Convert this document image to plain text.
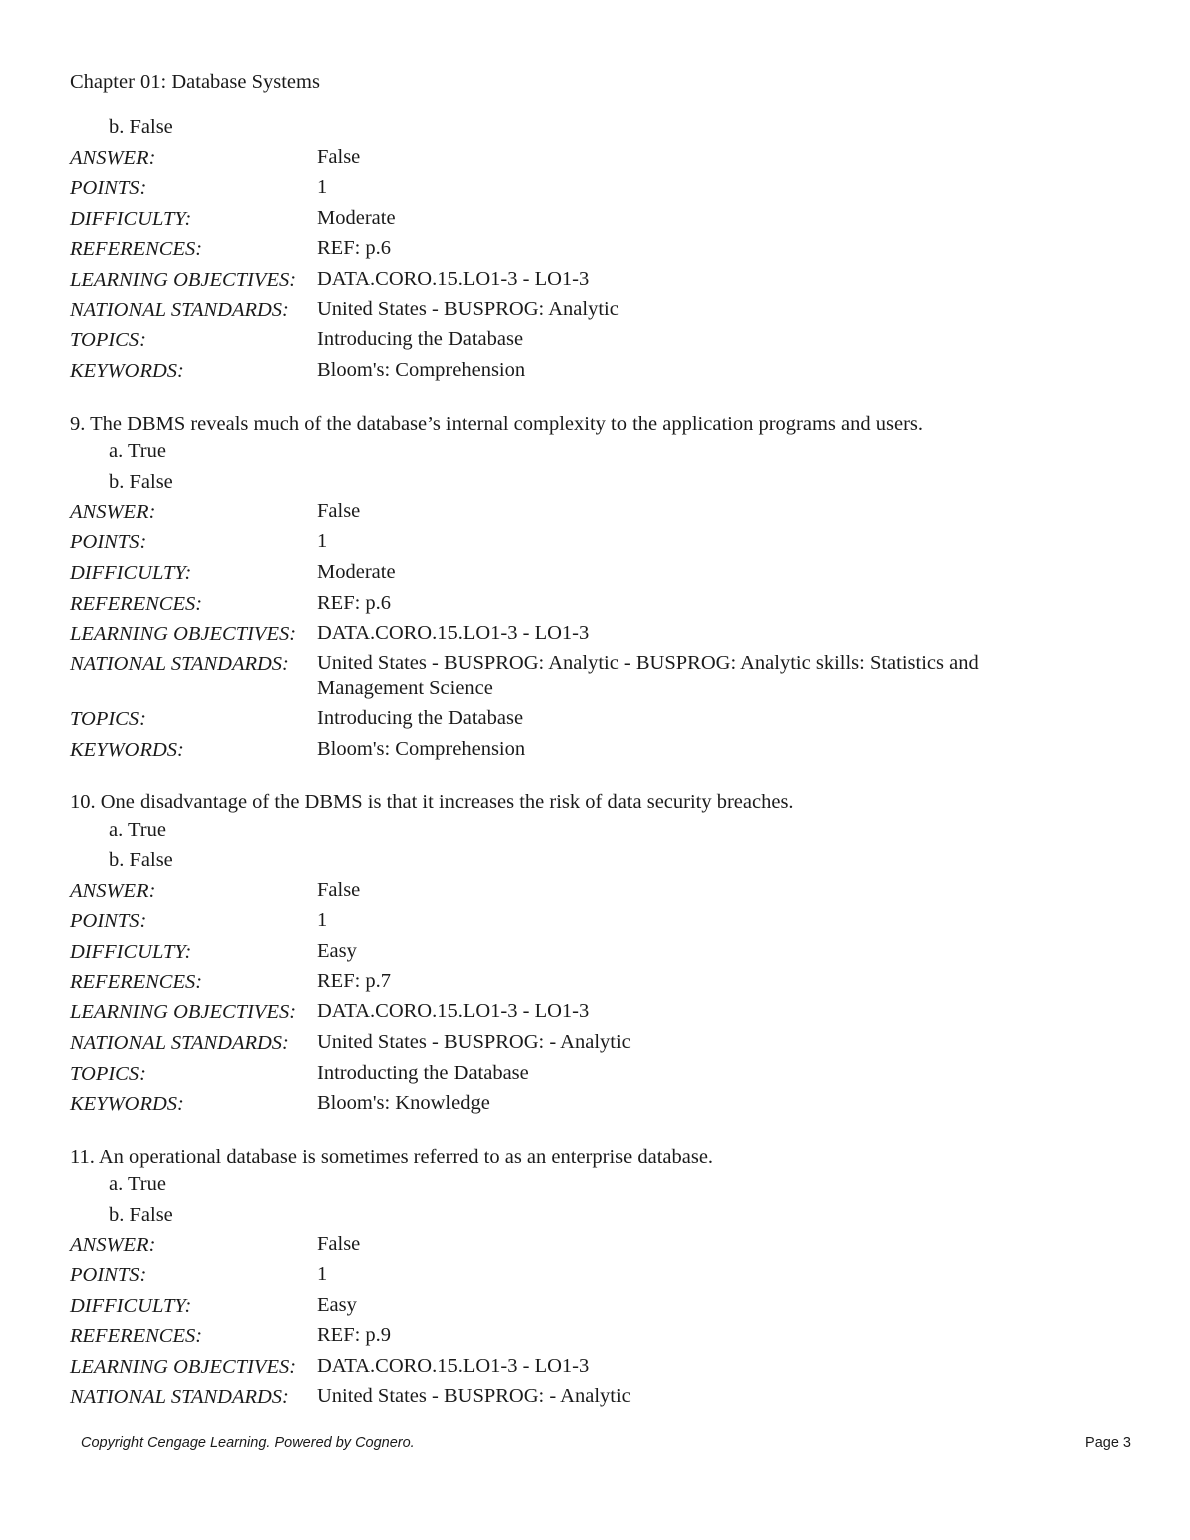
Chapter 01: Database Systems
b. False
ANSWER:	False
POINTS:	1
DIFFICULTY:	Moderate
REFERENCES:	REF: p.6
LEARNING OBJECTIVES: DATA.CORO.15.LO1-3 - LO1-3
NATIONAL STANDARDS: United States - BUSPROG: Analytic
TOPICS:	Introducing the Database
KEYWORDS:	Bloom's: Comprehension
9. The DBMS reveals much of the database’s internal complexity to the application programs and users.
a. True
b. False
ANSWER:	False
POINTS:	1
DIFFICULTY:	Moderate
REFERENCES:	REF: p.6
LEARNING OBJECTIVES: DATA.CORO.15.LO1-3 - LO1-3
NATIONAL STANDARDS: United States - BUSPROG: Analytic - BUSPROG: Analytic skills: Statistics and Management Science
TOPICS:	Introducing the Database
KEYWORDS:	Bloom's: Comprehension
10. One disadvantage of the DBMS is that it increases the risk of data security breaches.
a. True
b. False
ANSWER:	False
POINTS:	1
DIFFICULTY:	Easy
REFERENCES:	REF: p.7
LEARNING OBJECTIVES: DATA.CORO.15.LO1-3 - LO1-3
NATIONAL STANDARDS: United States - BUSPROG: - Analytic
TOPICS:	Introducting the Database
KEYWORDS:	Bloom's: Knowledge
11. An operational database is sometimes referred to as an enterprise database.
a. True
b. False
ANSWER:	False
POINTS:	1
DIFFICULTY:	Easy
REFERENCES:	REF: p.9
LEARNING OBJECTIVES: DATA.CORO.15.LO1-3 - LO1-3
NATIONAL STANDARDS: United States - BUSPROG: - Analytic
Copyright Cengage Learning. Powered by Cognero.	Page 3
